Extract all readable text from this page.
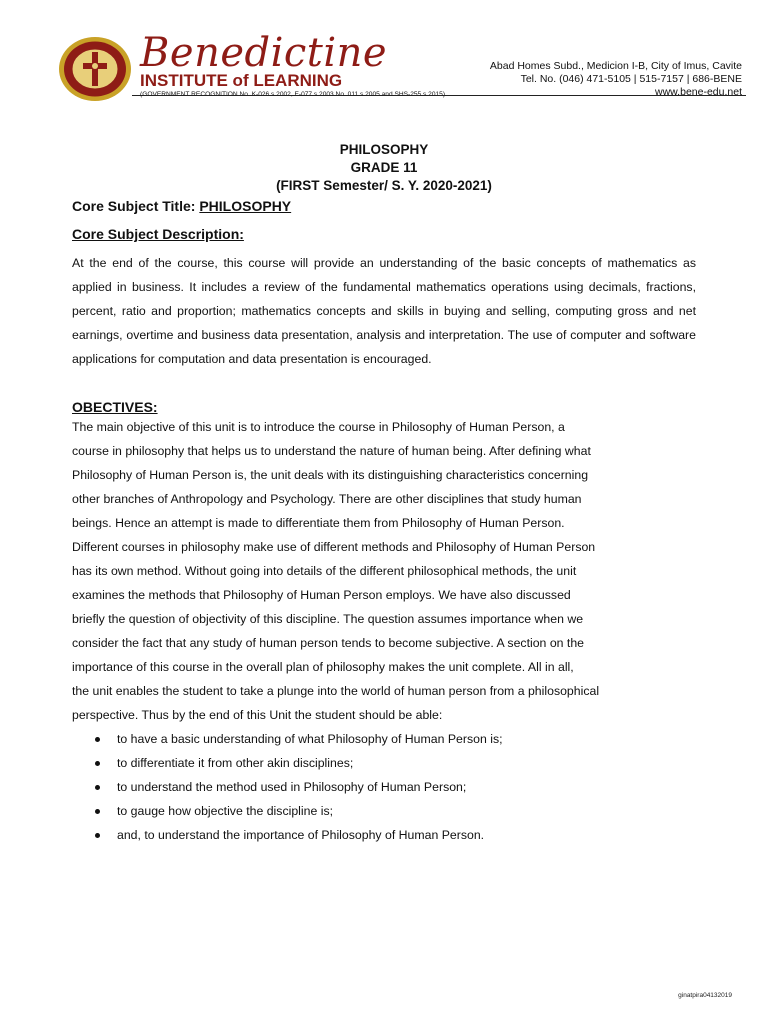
Benedictine
INSTITUTE of LEARNING
(GOVERNMENT RECOGNITION No. K-026 s.2002, E-077 s.2003 No. 011 s.2005 and SHS-255 s.2015)
Abad Homes Subd., Medicion I-B, City of Imus, Cavite
Tel. No. (046) 471-5105 | 515-7157 | 686-BENE
www.bene-edu.net
PHILOSOPHY
GRADE 11
(FIRST Semester/ S. Y. 2020-2021)
Core Subject Title: PHILOSOPHY
Core Subject Description:
At the end of the course, this course will provide an understanding of the basic concepts of mathematics as applied in business. It includes a review of the fundamental mathematics operations using decimals, fractions, percent, ratio and proportion; mathematics concepts and skills in buying and selling, computing gross and net earnings, overtime and business data presentation, analysis and interpretation. The use of computer and software applications for computation and data presentation is encouraged.
OBECTIVES:
The main objective of this unit is to introduce the course in Philosophy of Human Person, a
course in philosophy that helps us to understand the nature of human being. After defining what
Philosophy of Human Person is, the unit deals with its distinguishing characteristics concerning
other branches of Anthropology and Psychology. There are other disciplines that study human
beings. Hence an attempt is made to differentiate them from Philosophy of Human Person.
Different courses in philosophy make use of different methods and Philosophy of Human Person
has its own method. Without going into details of the different philosophical methods, the unit
examines the methods that Philosophy of Human Person employs. We have also discussed
briefly the question of objectivity of this discipline. The question assumes importance when we
consider the fact that any study of human person tends to become subjective. A section on the
importance of this course in the overall plan of philosophy makes the unit complete. All in all,
the unit enables the student to take a plunge into the world of human person from a philosophical
perspective. Thus by the end of this Unit the student should be able:
to have a basic understanding of what Philosophy of Human Person is;
to differentiate it from other akin disciplines;
to understand the method used in Philosophy of Human Person;
to gauge how objective the discipline is;
and, to understand the importance of Philosophy of Human Person.
ginatpira04132019
